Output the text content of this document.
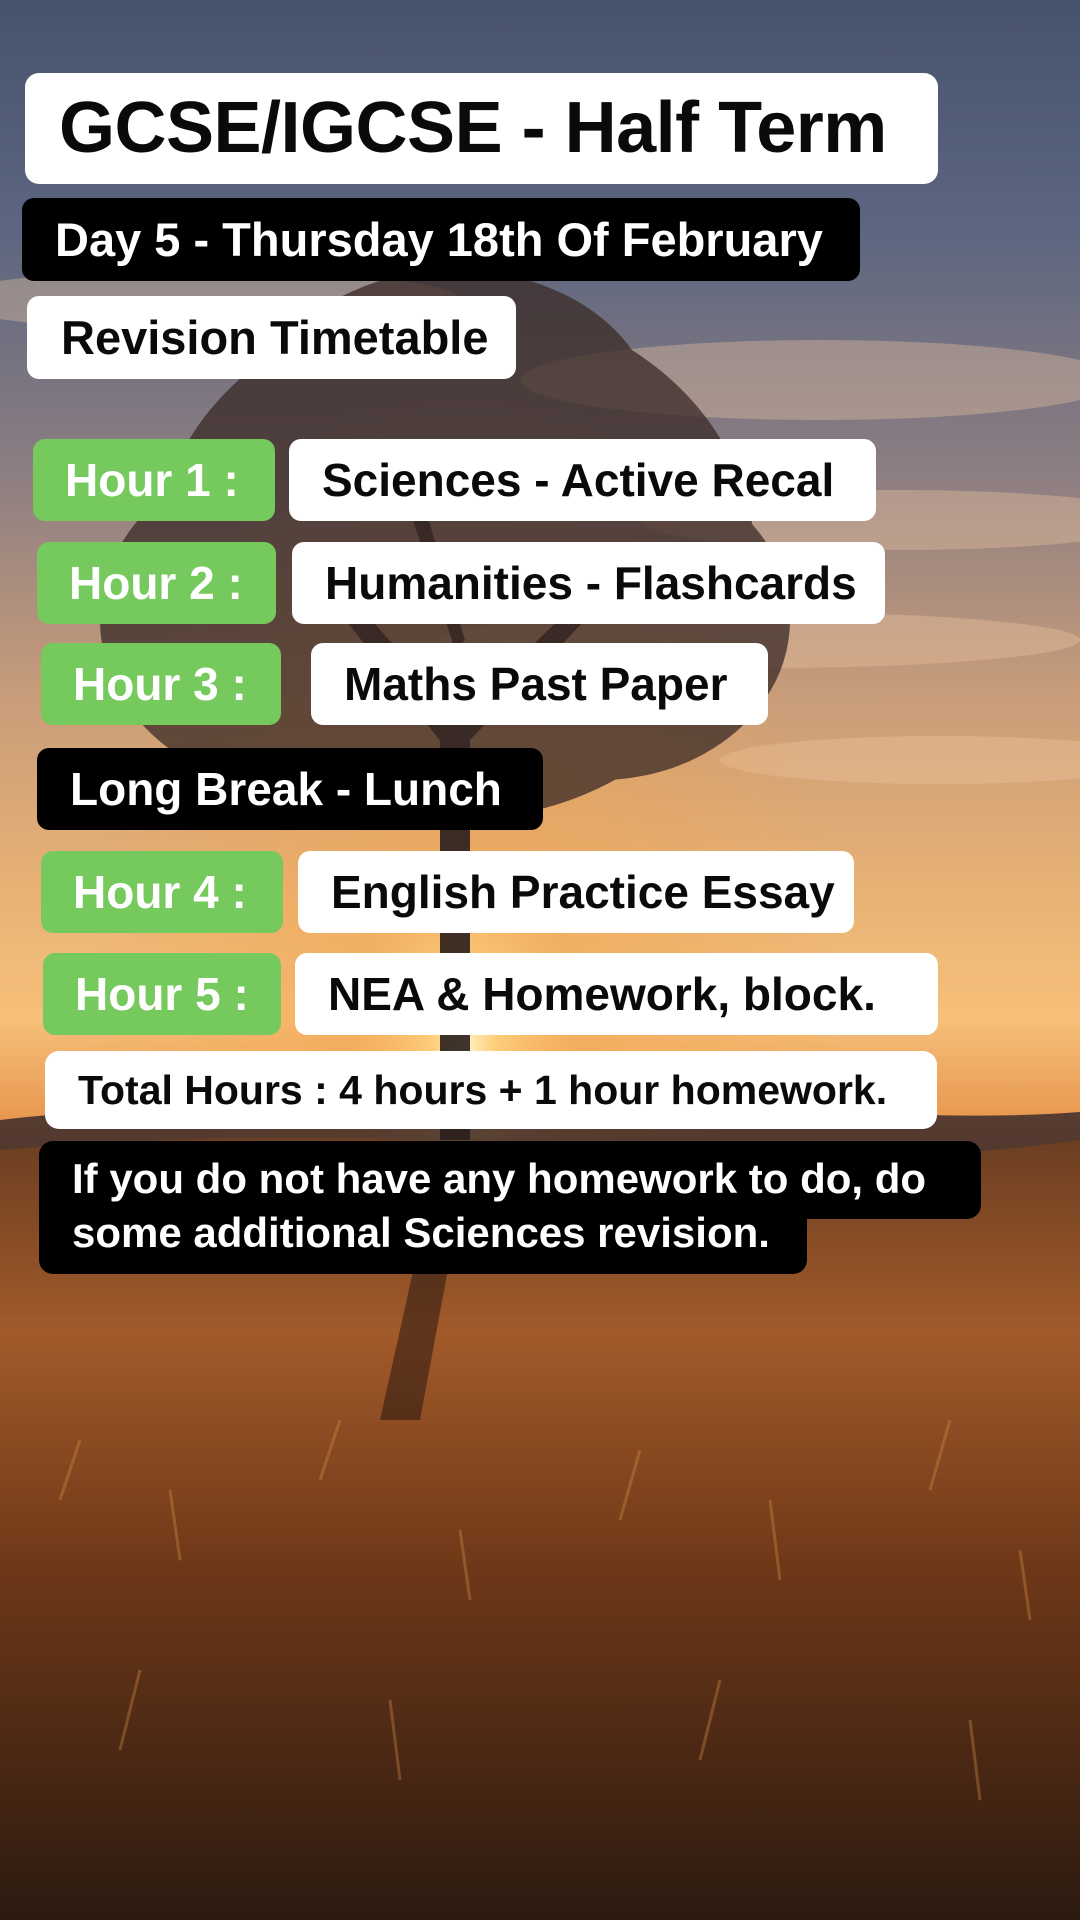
GCSE/IGCSE - Half Term
Day 5 - Thursday 18th Of February
Revision Timetable
Hour 1 :	Sciences - Active Recal
Hour 2 :	Humanities - Flashcards
Hour 3 :	Maths Past Paper
Long Break - Lunch
Hour 4 :	English Practice Essay
Hour 5 :	NEA & Homework, block.
Total Hours : 4 hours + 1 hour homework.
If you do not have any homework to do, do
some additional Sciences revision.
